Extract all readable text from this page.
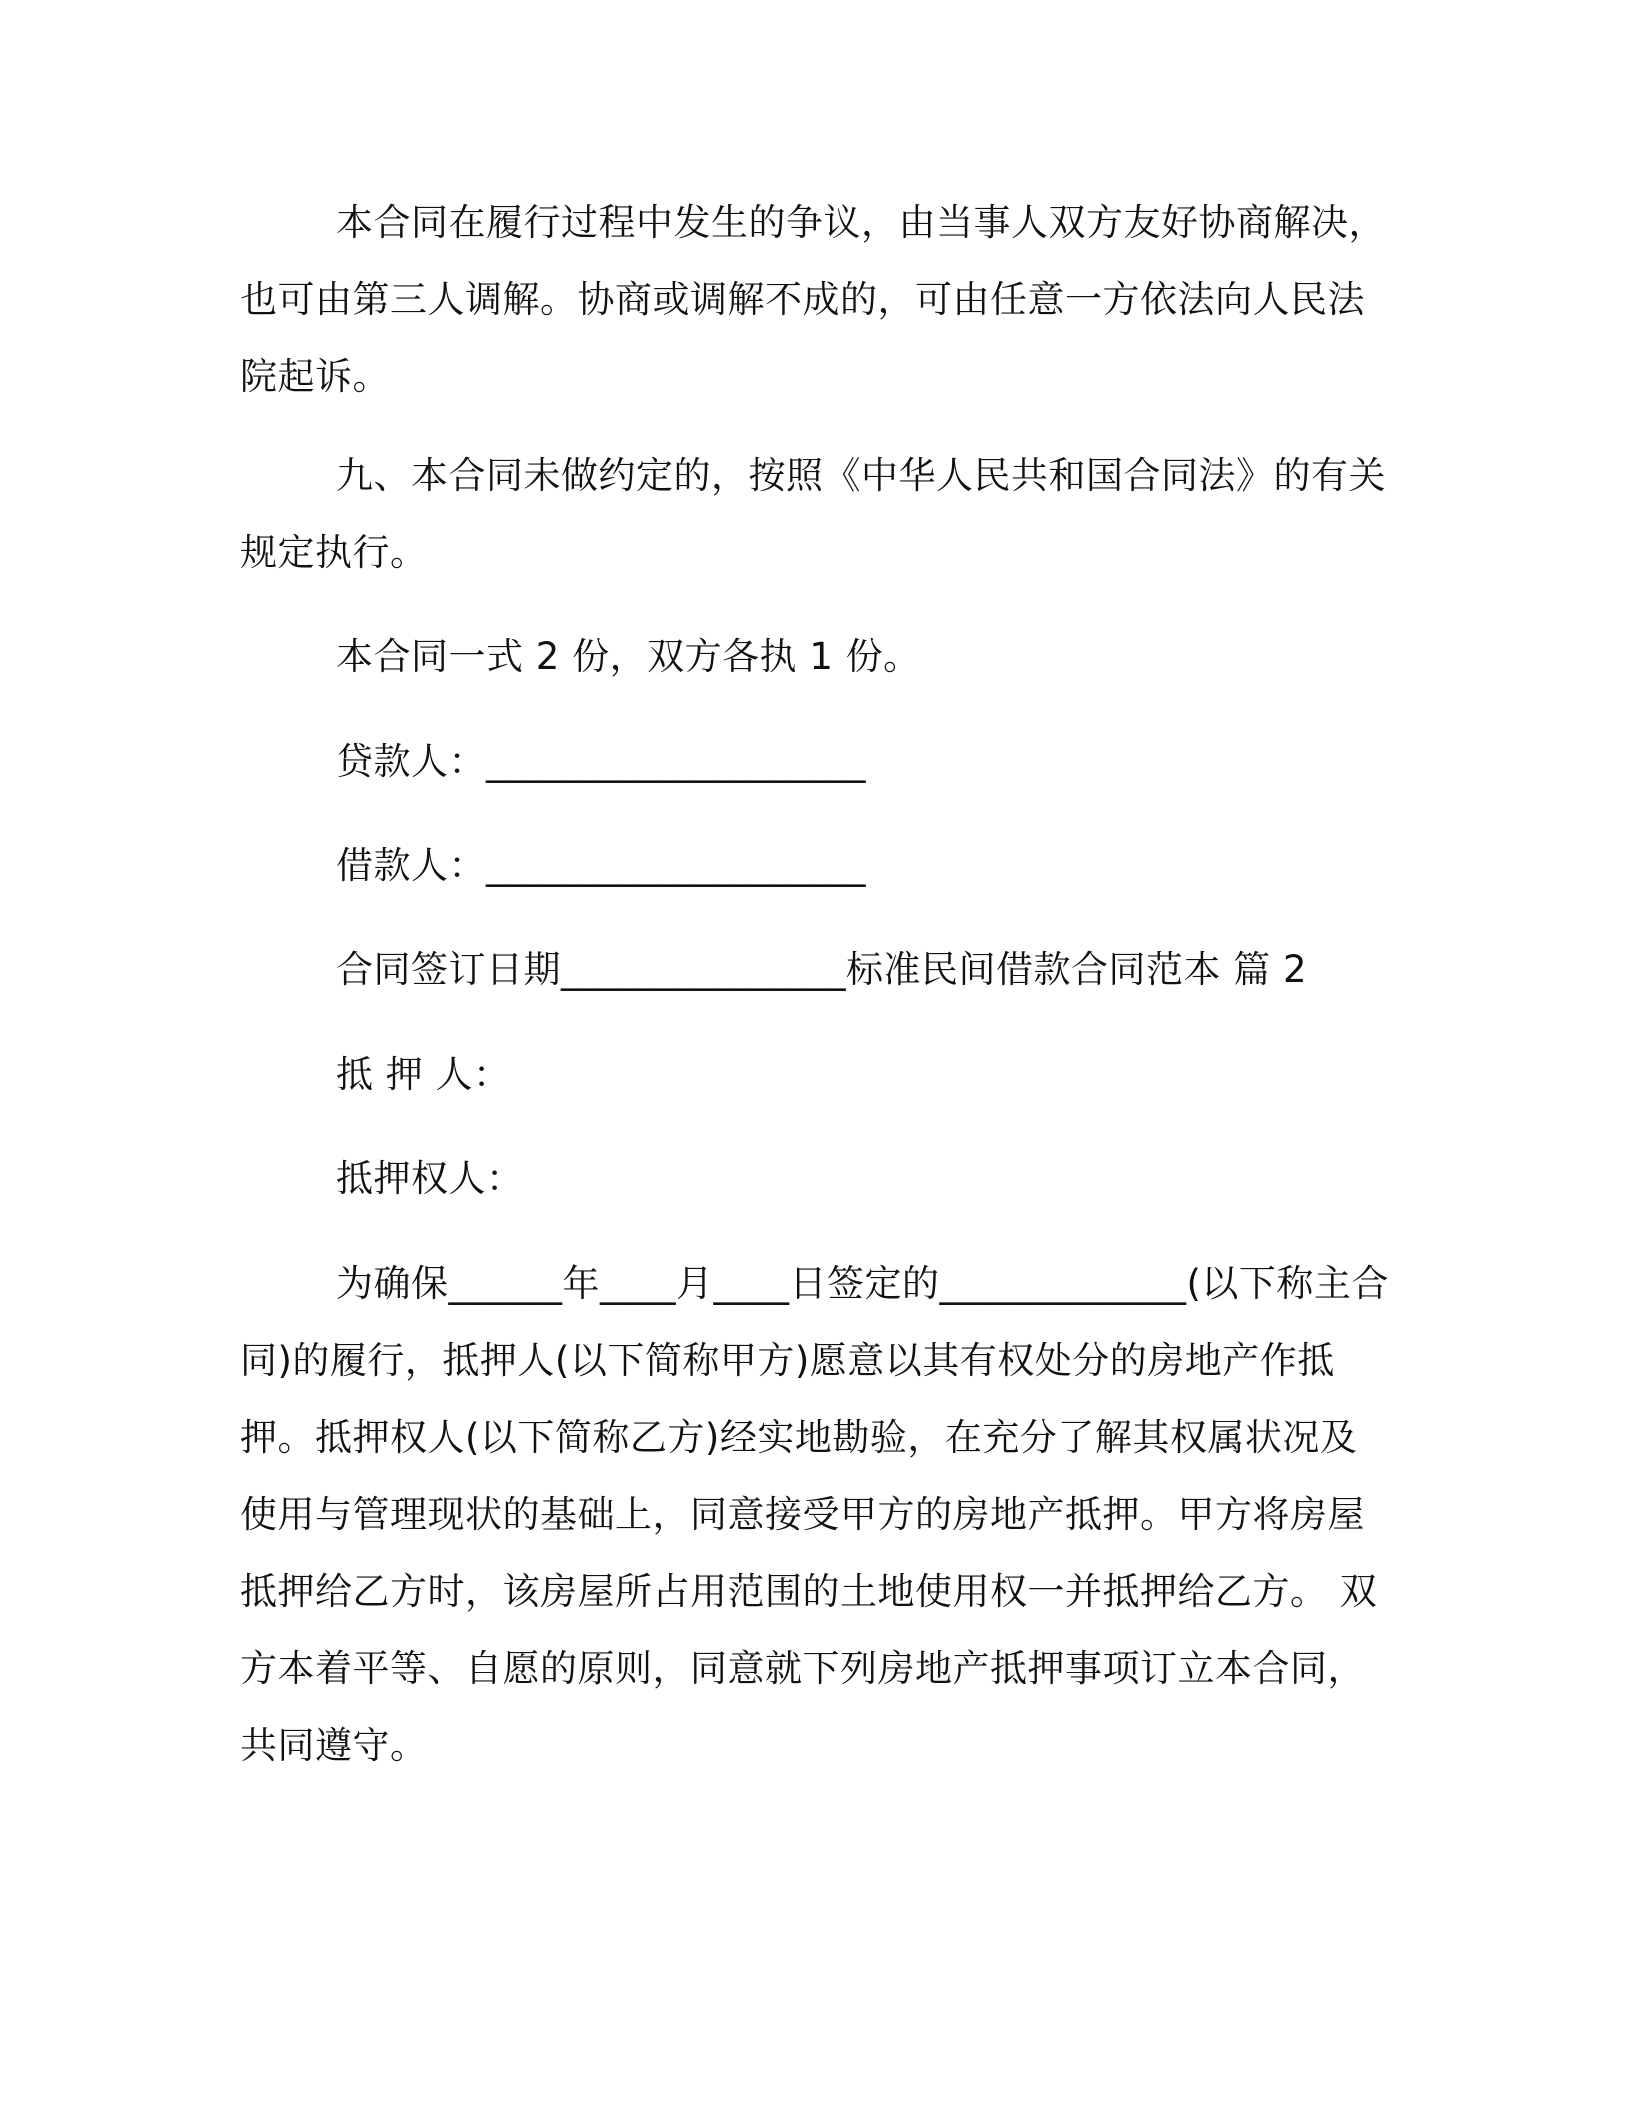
本合同在履行过程中发生的争议，由当事人双方友好协商解决，也可由第三人调解。协商或调解不成的，可由任意一方依法向人民法院起诉。
九、本合同未做约定的，按照《中华人民共和国合同法》的有关规定执行。
本合同一式 2 份，双方各执 1 份。
贷款人：____________________
借款人：____________________
合同签订日期_______________标准民间借款合同范本 篇 2
抵 押 人：
抵押权人：
为确保______年____月____日签定的_____________(以下称主合同)的履行，抵押人(以下简称甲方)愿意以其有权处分的房地产作抵押。抵押权人(以下简称乙方)经实地勘验，在充分了解其权属状况及使用与管理现状的基础上，同意接受甲方的房地产抵押。甲方将房屋抵押给乙方时，该房屋所占用范围的土地使用权一并抵押给乙方。 双方本着平等、自愿的原则，同意就下列房地产抵押事项订立本合同，共同遵守。
